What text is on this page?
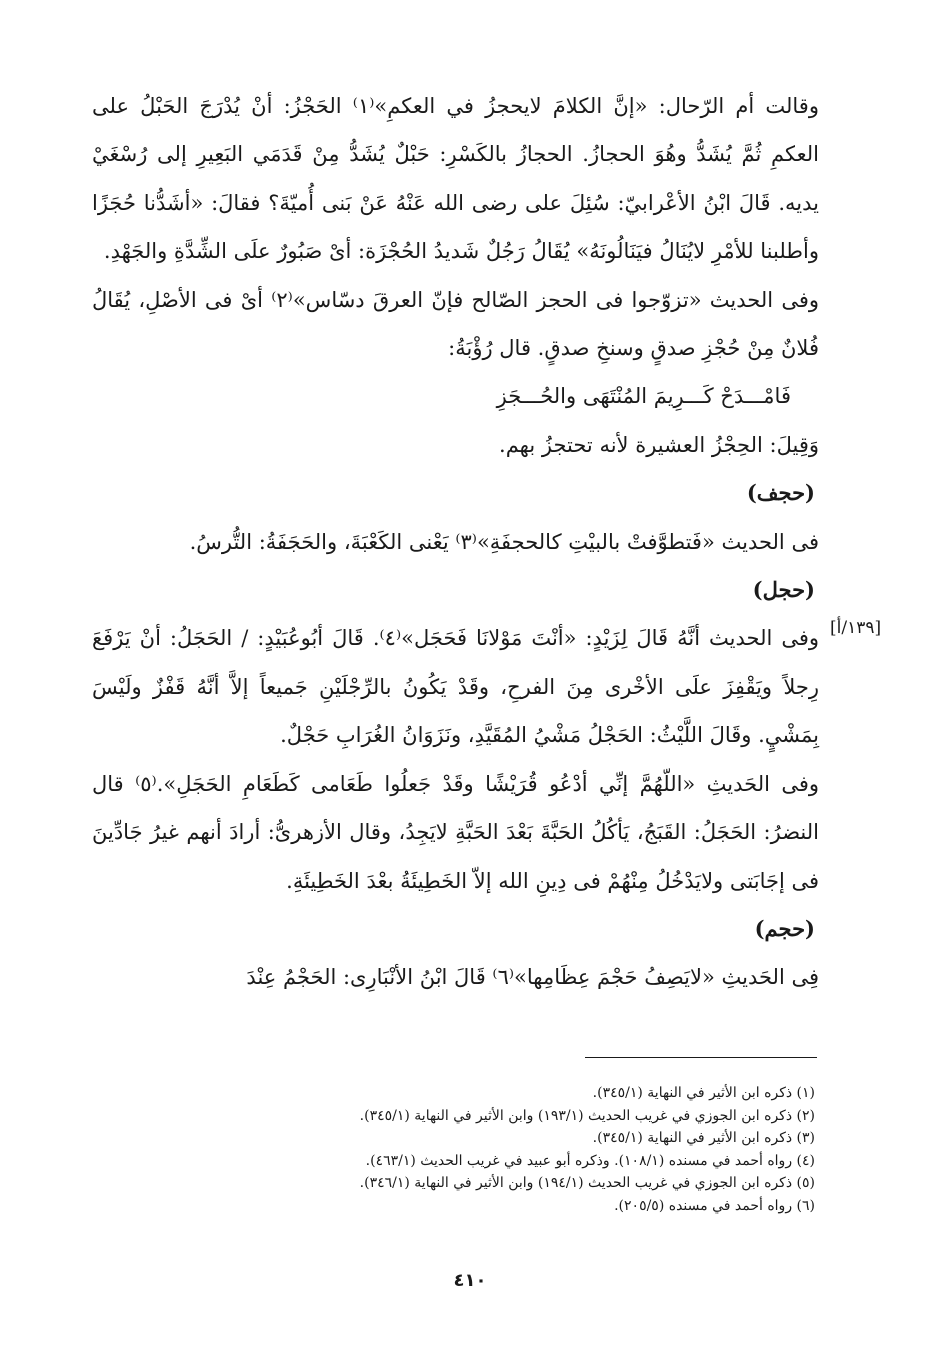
وقالت أم الرّحال: «إنَّ الكلامَ لايحجزُ في العكمِ»⁽١⁾ الحَجْزُ: أنْ يُدْرَجَ الحَبْلُ على العكمِ ثُمَّ يُشَدُّ وهُوَ الحجازُ. الحجازُ بالكَسْرِ: حَبْلٌ يُشَدُّ مِنْ قَدَمَي البَعِيرِ إلى رُسْغَيْ يديه. قَالَ ابْنُ الأعْرابيّ: سُئِلَ على رضى الله عَنْهُ عَنْ بَنى أُميّةَ؟ فقالَ: «أشَدُّنا حُجَزًا وأطلبنا للأمْرِ لايُنَالُ فيَنَالُونَهُ» يُقَالُ رَجُلٌ شَديدُ الحُجْزَة: أىْ صَبُورٌ علَى الشِّدَّةِ والجَهْدِ.

وفى الحديث «تزوّجوا فى الحجز الصّالح فإنّ العرقَ دسّاس»⁽٢⁾ أىْ فى الأصْلِ، يُقَالُ فُلانٌ مِنْ حُجْزِ صدقٍ وسنخِ صدقٍ. قال رُؤْبَةُ:

فَامْـــدَحْ كَـــرِيمَ المُنْتَهَى والحُـــجَزِ

وَقِيلَ: الحِجْزُ العشيرة لأنه تحتجزُ بهم.

(حجف)

فى الحديث «فَتطوَّفتْ بالبيْتِ كالحجفَةِ»⁽٣⁾ يَعْنى الكَعْبَةَ، والحَجَفَةُ: التُّرسُ.

(حجل)

وفى الحديث أنَّهُ قَالَ لِزَيْدٍ: «أنْتَ مَوْلانَا فَحَجَل»⁽٤⁾. قَالَ أبُوعُبَيْدٍ: / الحَجَلُ: أنْ يَرْفَعَ رِجلاً ويَقْفِزَ علَى الأخْرى مِنَ الفرحِ، وقَدْ يَكُونُ بالرِّجْلَيْنِ جَميعاً إلاَّ أنَّهُ قَفْزٌ ولَيْسَ بِمَشْيٍ. وقَالَ اللَّيْثُ: الحَجْلُ مَشْيُ المُقَيَّدِ، ونَزَوَانُ الغُرَابِ حَجْلٌ.

وفى الحَديثِ «اللّهُمَّ إنِّي أدْعُو قُرَيْشًا وقَدْ جَعلُوا طَعَامى كَطَعَامِ الحَجَلِ».⁽٥⁾ قال النضرُ: الحَجَلُ: القَبَجُ، يَأكُلُ الحَبَّةَ بَعْدَ الحَبَّةِ لايَجِدُ، وقال الأزهرىُّ: أرادَ أنهم غيرُ جَادِّينَ فى إجَابَتى ولايَدْخُلُ مِنْهُمْ فى دِينِ الله إلاّ الخَطِيئَةُ بعْدَ الخَطِيئَةِ.

(حجم)

فِى الحَديثِ «لايَصِفُ حَجْمَ عِظَامِها»⁽٦⁾ قَالَ ابْنُ الأنْبَارِى: الحَجْمُ عِنْدَ

[١٣٩/أ]

(١) ذكره ابن الأثير في النهاية (٣٤٥/١).

(٢) ذكره ابن الجوزي في غريب الحديث (١٩٣/١) وابن الأثير في النهاية (٣٤٥/١).

(٣) ذكره ابن الأثير في النهاية (٣٤٥/١).

(٤) رواه أحمد في مسنده (١٠٨/١). وذكره أبو عبيد في غريب الحديث (٤٦٣/١).

(٥) ذكره ابن الجوزي في غريب الحديث (١٩٤/١) وابن الأثير في النهاية (٣٤٦/١).

(٦) رواه أحمد في مسنده (٢٠٥/٥).

٤١٠
